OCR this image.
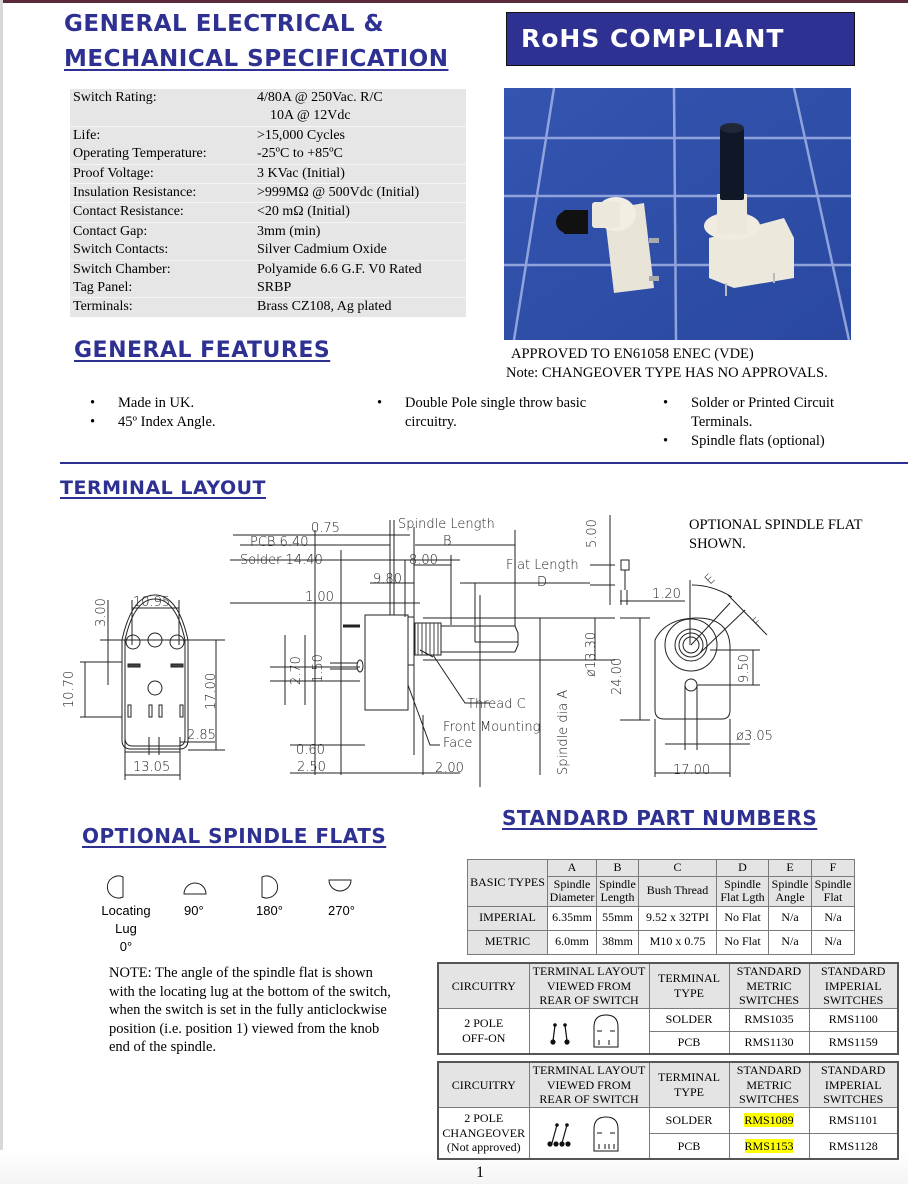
GENERAL ELECTRICAL &
MECHANICAL SPECIFICATION
RoHS COMPLIANT
Switch Rating:	4/80A @ 250Vac. R/C
10A @ 12Vdc
Life:	>15,000 Cycles
Operating Temperature:	-25ºC to +85ºC
Proof Voltage:	3 KVac (Initial)
Insulation Resistance:	>999MΩ @ 500Vdc (Initial)
Contact Resistance:	<20 mΩ (Initial)
Contact Gap:	3mm (min)
Switch Contacts:	Silver Cadmium Oxide
Switch Chamber:	Polyamide 6.6 G.F. V0 Rated
Tag Panel:	SRBP
Terminals:	Brass CZ108, Ag plated
APPROVED TO EN61058 ENEC (VDE)
Note: CHANGEOVER TYPE HAS NO APPROVALS.
GENERAL FEATURES
• Made in UK.
• 45º Index Angle.
• Double Pole single throw basic circuitry.
• Solder or Printed Circuit Terminals.
• Spindle flats (optional)
TERMINAL LAYOUT
10.95
3.00
10.70	17.00
2.85
13.05
0.75
PCB 6.40
Solder 14.40
9.80
1.00
2.70 1.50
0.60
2.50	2.00
Spindle Length
B
8.00	Flat Length
D
Thread C
Front Mounting
Face	Spindle dia A
ø13.30
5.00
1.20
24.00
E
F
9.50
ø3.05
17.00
OPTIONAL SPINDLE FLAT
SHOWN.
STANDARD PART NUMBERS
OPTIONAL SPINDLE FLATS
Locating
Lug
0°
90°	180°	270°
NOTE: The angle of the spindle flat is shown with the locating lug at the bottom of the switch, when the switch is set in the fully anticlockwise position (i.e. position 1) viewed from the knob end of the spindle.
BASIC TYPES	A	B	C	D	E	F
	Spindle Diameter	Spindle Length	Bush Thread	Spindle Flat Lgth	Spindle Angle	Spindle Flat
IMPERIAL	6.35mm	55mm	9.52 x 32TPI	No Flat	N/a	N/a
METRIC	6.0mm	38mm	M10 x 0.75	No Flat	N/a	N/a
CIRCUITRY	TERMINAL LAYOUT VIEWED FROM REAR OF SWITCH	TERMINAL TYPE	STANDARD METRIC SWITCHES	STANDARD IMPERIAL SWITCHES

2 POLE
OFF-ON		SOLDER	RMS1035	RMS1100
		PCB	RMS1130	RMS1159
CIRCUITRY	TERMINAL LAYOUT VIEWED FROM REAR OF SWITCH	TERMINAL TYPE	STANDARD METRIC SWITCHES	STANDARD IMPERIAL SWITCHES

2 POLE
CHANGEOVER
(Not approved)		SOLDER	RMS1089	RMS1101
		PCB	RMS1153	RMS1128
1
